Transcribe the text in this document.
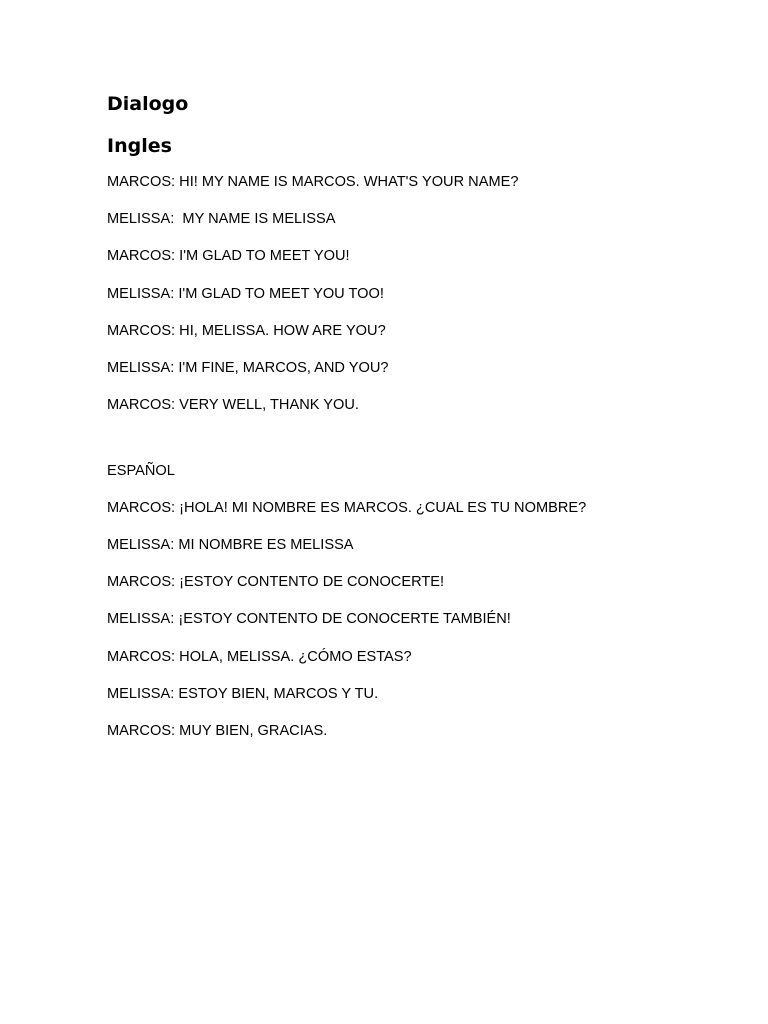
Dialogo
Ingles
MARCOS: HI! MY NAME IS MARCOS. WHAT'S YOUR NAME?
MELISSA:  MY NAME IS MELISSA
MARCOS: I'M GLAD TO MEET YOU!
MELISSA: I'M GLAD TO MEET YOU TOO!
MARCOS: HI, MELISSA. HOW ARE YOU?
MELISSA: I'M FINE, MARCOS, AND YOU?
MARCOS: VERY WELL, THANK YOU.
ESPAÑOL
MARCOS: ¡HOLA! MI NOMBRE ES MARCOS. ¿CUAL ES TU NOMBRE?
MELISSA: MI NOMBRE ES MELISSA
MARCOS: ¡ESTOY CONTENTO DE CONOCERTE!
MELISSA: ¡ESTOY CONTENTO DE CONOCERTE TAMBIÉN!
MARCOS: HOLA, MELISSA. ¿CÓMO ESTAS?
MELISSA: ESTOY BIEN, MARCOS Y TU.
MARCOS: MUY BIEN, GRACIAS.
